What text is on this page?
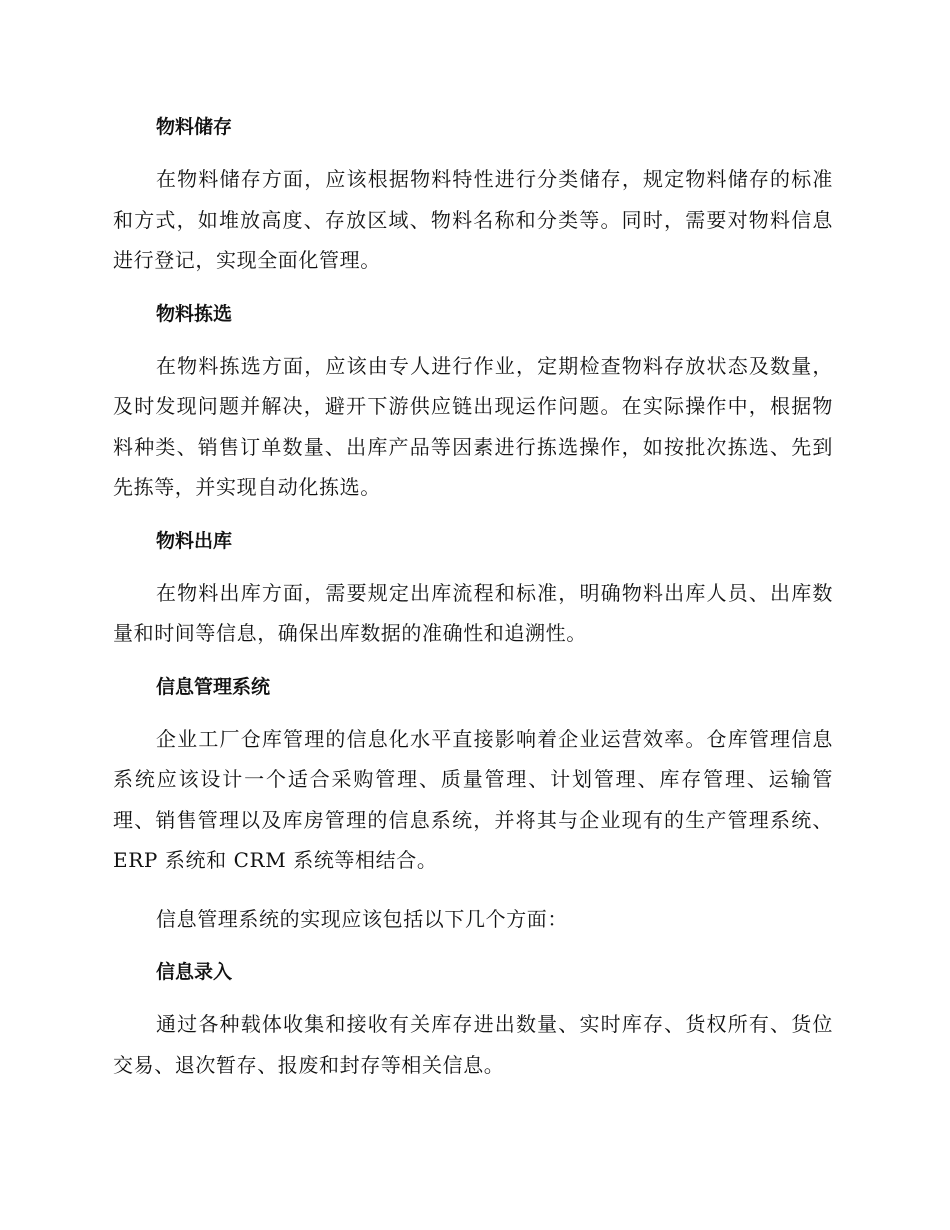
物料储存

在物料储存方面，应该根据物料特性进行分类储存，规定物料储存的标准和方式，如堆放高度、存放区域、物料名称和分类等。同时，需要对物料信息进行登记，实现全面化管理。

物料拣选

在物料拣选方面，应该由专人进行作业，定期检查物料存放状态及数量，及时发现问题并解决，避开下游供应链出现运作问题。在实际操作中，根据物料种类、销售订单数量、出库产品等因素进行拣选操作，如按批次拣选、先到先拣等，并实现自动化拣选。

物料出库

在物料出库方面，需要规定出库流程和标准，明确物料出库人员、出库数量和时间等信息，确保出库数据的准确性和追溯性。

信息管理系统

企业工厂仓库管理的信息化水平直接影响着企业运营效率。仓库管理信息系统应该设计一个适合采购管理、质量管理、计划管理、库存管理、运输管理、销售管理以及库房管理的信息系统，并将其与企业现有的生产管理系统、ERP 系统和 CRM 系统等相结合。

信息管理系统的实现应该包括以下几个方面：

信息录入

通过各种载体收集和接收有关库存进出数量、实时库存、货权所有、货位交易、退次暂存、报废和封存等相关信息。
